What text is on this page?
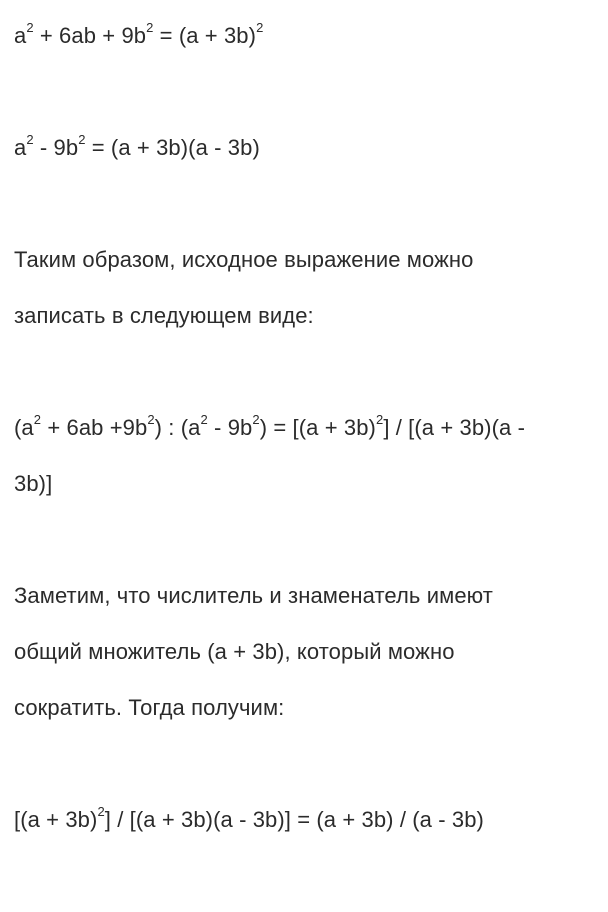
$a^2 + 6ab + 9b^2 = (a + 3b)^2$
$a^2 - 9b^2 = (a + 3b)(a - 3b)$
Таким образом, исходное выражение можно
записать в следующем виде:
$(a^2 + 6ab +9b^2)$ : $(a^2 - 9b^2) = [(a + 3b)^2] / [(a + 3b)(a$ -
3b)]
Заметим, что числитель и знаменатель имеют
общий множитель (a + 3b), который можно
сократить. Тогда получим:
$[(a + 3b)^2] / [(a + 3b)(a - 3b)] = (a + 3b) / (a - 3b)$
